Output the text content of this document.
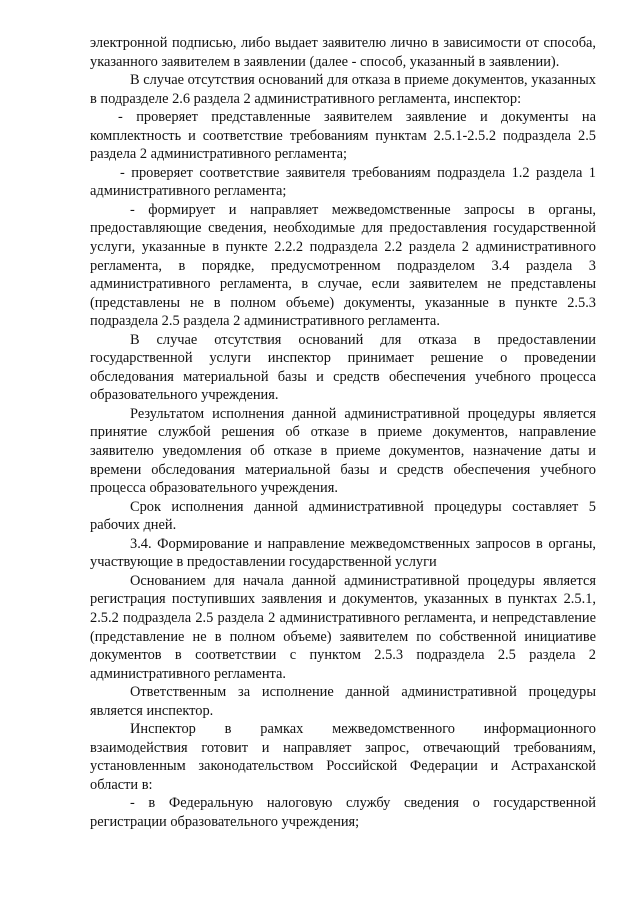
электронной подписью, либо выдает заявителю лично в зависимости от способа, указанного заявителем в заявлении (далее - способ, указанный в заявлении).

В случае отсутствия оснований для отказа в приеме документов, указанных в подразделе 2.6 раздела 2 административного регламента, инспектор:

- проверяет представленные заявителем заявление и документы на комплектность и соответствие требованиям пунктам 2.5.1-2.5.2 подраздела 2.5 раздела 2 административного регламента;

- проверяет соответствие заявителя требованиям подраздела 1.2 раздела 1 административного регламента;

- формирует и направляет межведомственные запросы в органы, предоставляющие сведения, необходимые для предоставления государственной услуги, указанные в пункте 2.2.2 подраздела 2.2 раздела 2 административного регламента, в порядке, предусмотренном подразделом 3.4 раздела 3 административного регламента, в случае, если заявителем не представлены (представлены не в полном объеме) документы, указанные в пункте 2.5.3 подраздела 2.5 раздела 2 административного регламента.

В случае отсутствия оснований для отказа в предоставлении государственной услуги инспектор принимает решение о проведении обследования материальной базы и средств обеспечения учебного процесса образовательного учреждения.

Результатом исполнения данной административной процедуры является принятие службой решения об отказе в приеме документов, направление заявителю уведомления об отказе в приеме документов, назначение даты и времени обследования материальной базы и средств обеспечения учебного процесса образовательного учреждения.

Срок исполнения данной административной процедуры составляет 5 рабочих дней.

3.4. Формирование и направление межведомственных запросов в органы, участвующие в предоставлении государственной услуги

Основанием для начала данной административной процедуры является регистрация поступивших заявления и документов, указанных в пунктах 2.5.1, 2.5.2 подраздела 2.5 раздела 2 административного регламента, и непредставление (представление не в полном объеме) заявителем по собственной инициативе документов в соответствии с пунктом 2.5.3 подраздела 2.5 раздела 2 административного регламента.

Ответственным за исполнение данной административной процедуры является инспектор.

Инспектор в рамках межведомственного информационного взаимодействия готовит и направляет запрос, отвечающий требованиям, установленным законодательством Российской Федерации и Астраханской области в:

- в Федеральную налоговую службу сведения о государственной регистрации образовательного учреждения;
